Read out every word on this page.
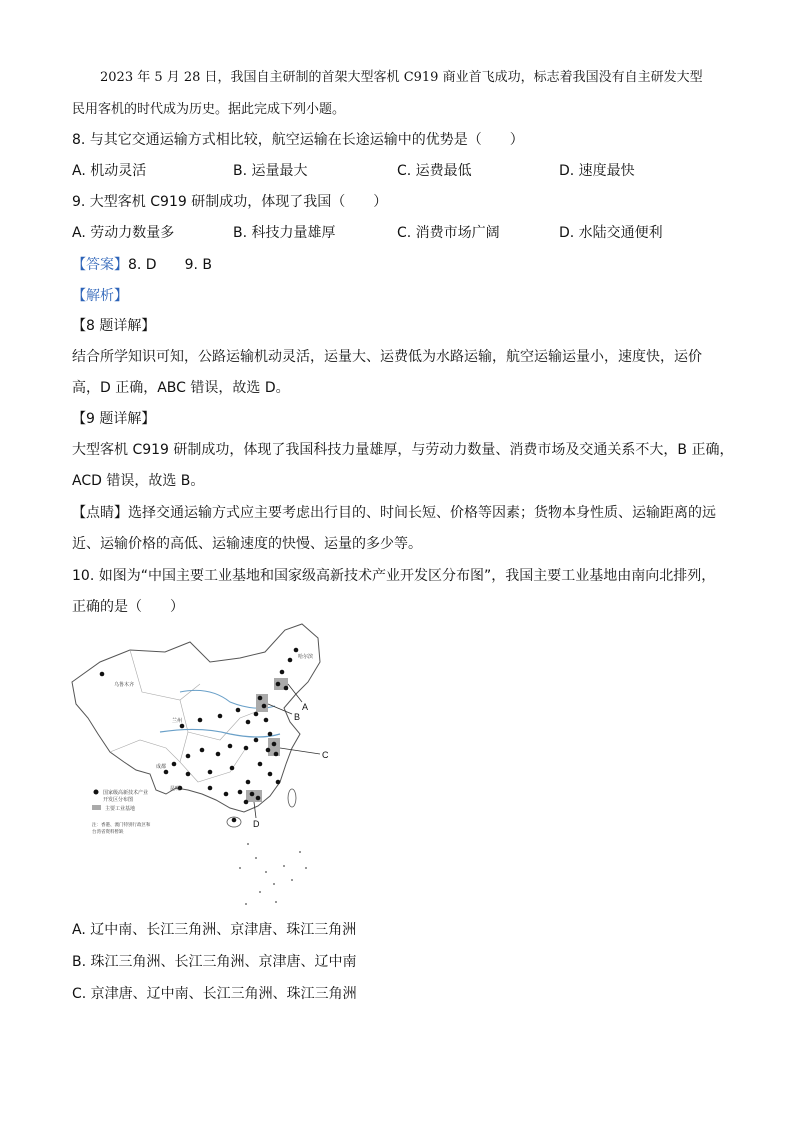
2023 年 5 月 28 日，我国自主研制的首架大型客机 C919 商业首飞成功，标志着我国没有自主研发大型
民用客机的时代成为历史。据此完成下列小题。
8. 与其它交通运输方式相比较，航空运输在长途运输中的优势是（　　）
A. 机动灵活	B. 运量最大	C. 运费最低	D. 速度最快
9. 大型客机 C919 研制成功，体现了我国（　　）
A. 劳动力数量多	B. 科技力量雄厚	C. 消费市场广阔	D. 水陆交通便利
【答案】8. D　　9. B
【解析】
【8 题详解】
结合所学知识可知，公路运输机动灵活，运量大、运费低为水路运输，航空运输运量小，速度快，运价
高，D 正确，ABC 错误，故选 D。
【9 题详解】
大型客机 C919 研制成功，体现了我国科技力量雄厚，与劳动力数量、消费市场及交通关系不大，B 正确，
ACD 错误，故选 B。
【点睛】选择交通运输方式应主要考虑出行目的、时间长短、价格等因素；货物本身性质、运输距离的远
近、运输价格的高低、运输速度的快慢、运量的多少等。
10. 如图为“中国主要工业基地和国家级高新技术产业开发区分布图”，我国主要工业基地由南向北排列，
正确的是（　　）
A
B
C
D
乌鲁木齐
哈尔滨
兰州
成都
昆明
国家级高新技术产业
开发区分布图
主要工业基地
注：香港、澳门特别行政区和
台湾省资料暂缺
A. 辽中南、长江三角洲、京津唐、珠江三角洲
B. 珠江三角洲、长江三角洲、京津唐、辽中南
C. 京津唐、辽中南、长江三角洲、珠江三角洲
